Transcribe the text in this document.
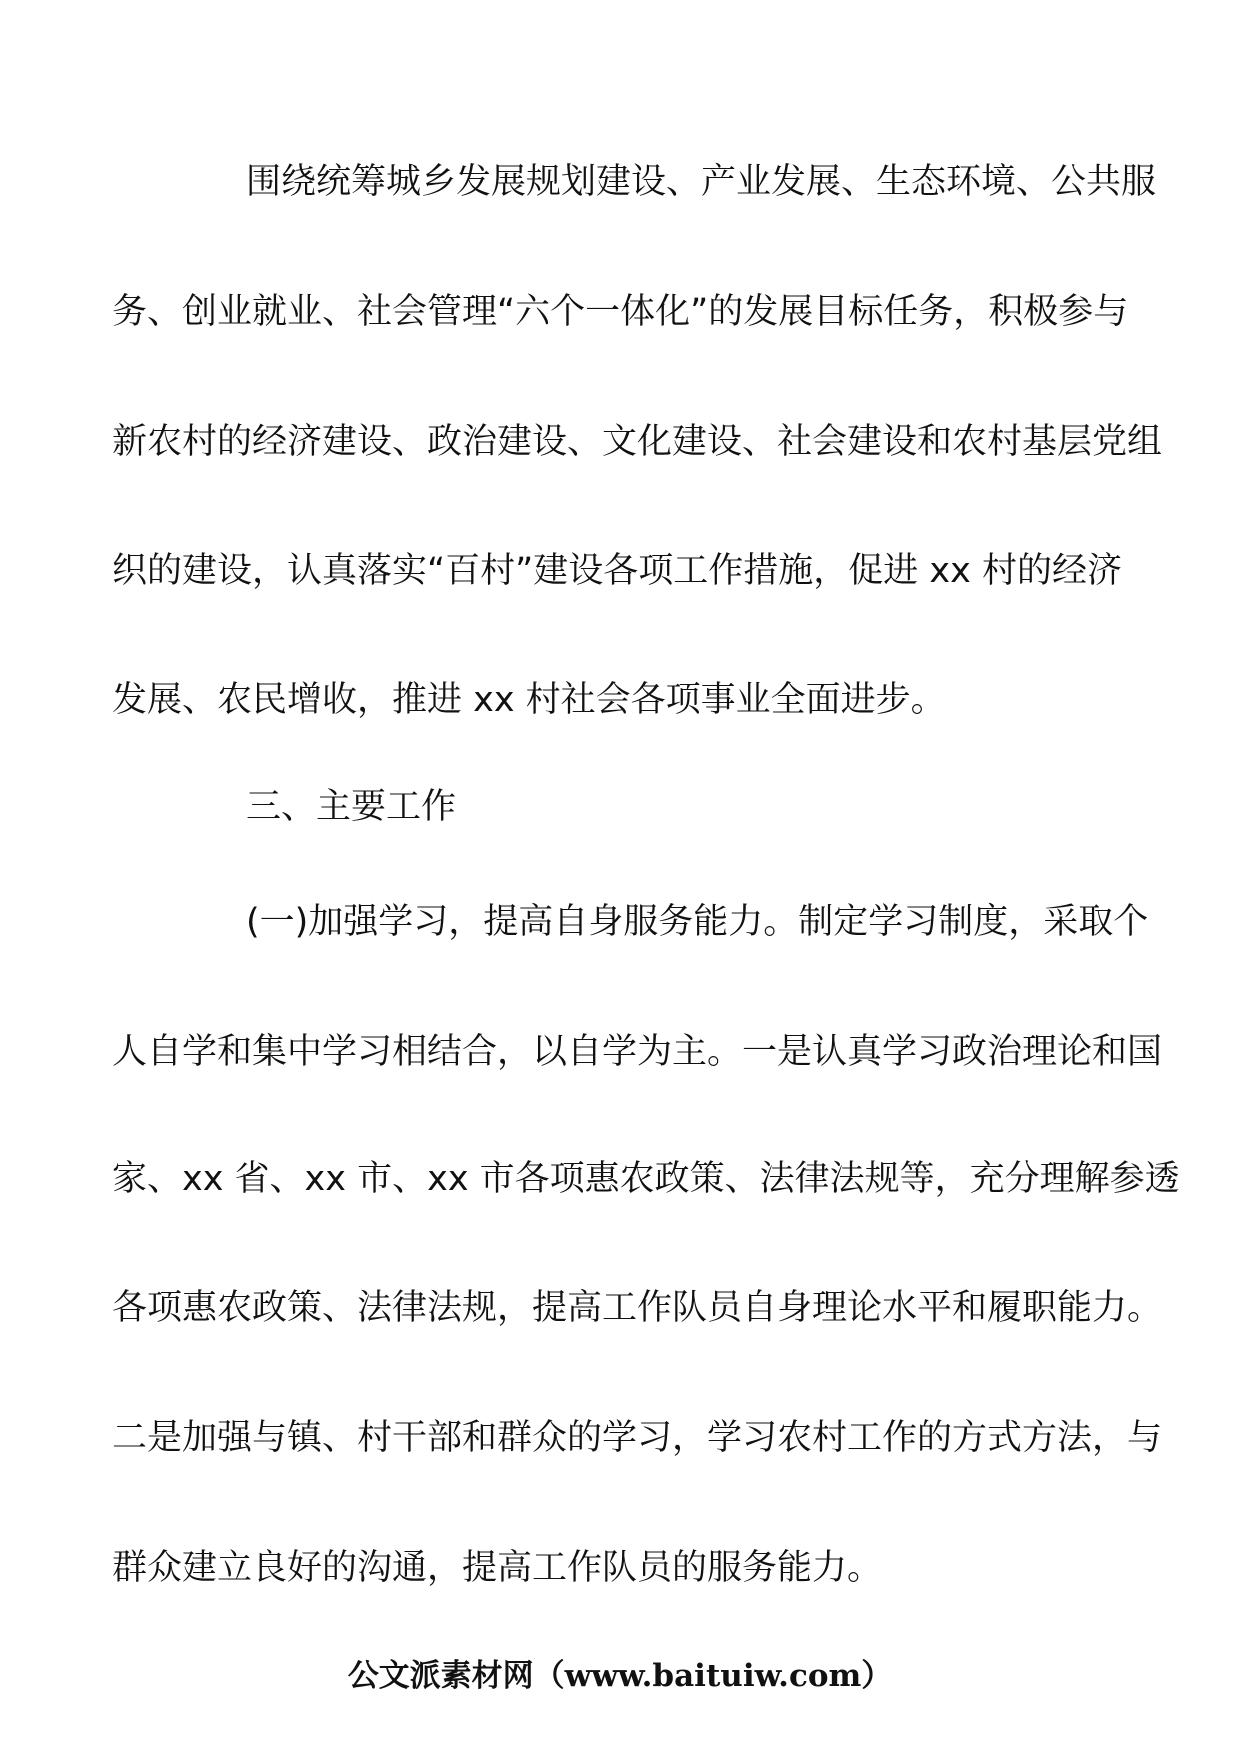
围绕统筹城乡发展规划建设、产业发展、生态环境、公共服
务、创业就业、社会管理“六个一体化”的发展目标任务，积极参与
新农村的经济建设、政治建设、文化建设、社会建设和农村基层党组
织的建设，认真落实“百村”建设各项工作措施，促进 xx 村的经济
发展、农民增收，推进 xx 村社会各项事业全面进步。
三、主要工作
(一)加强学习，提高自身服务能力。制定学习制度，采取个
人自学和集中学习相结合，以自学为主。一是认真学习政治理论和国
家、xx 省、xx 市、xx 市各项惠农政策、法律法规等，充分理解参透
各项惠农政策、法律法规，提高工作队员自身理论水平和履职能力。
二是加强与镇、村干部和群众的学习，学习农村工作的方式方法，与
群众建立良好的沟通，提高工作队员的服务能力。
公文派素材网（www.baituiw.com）
